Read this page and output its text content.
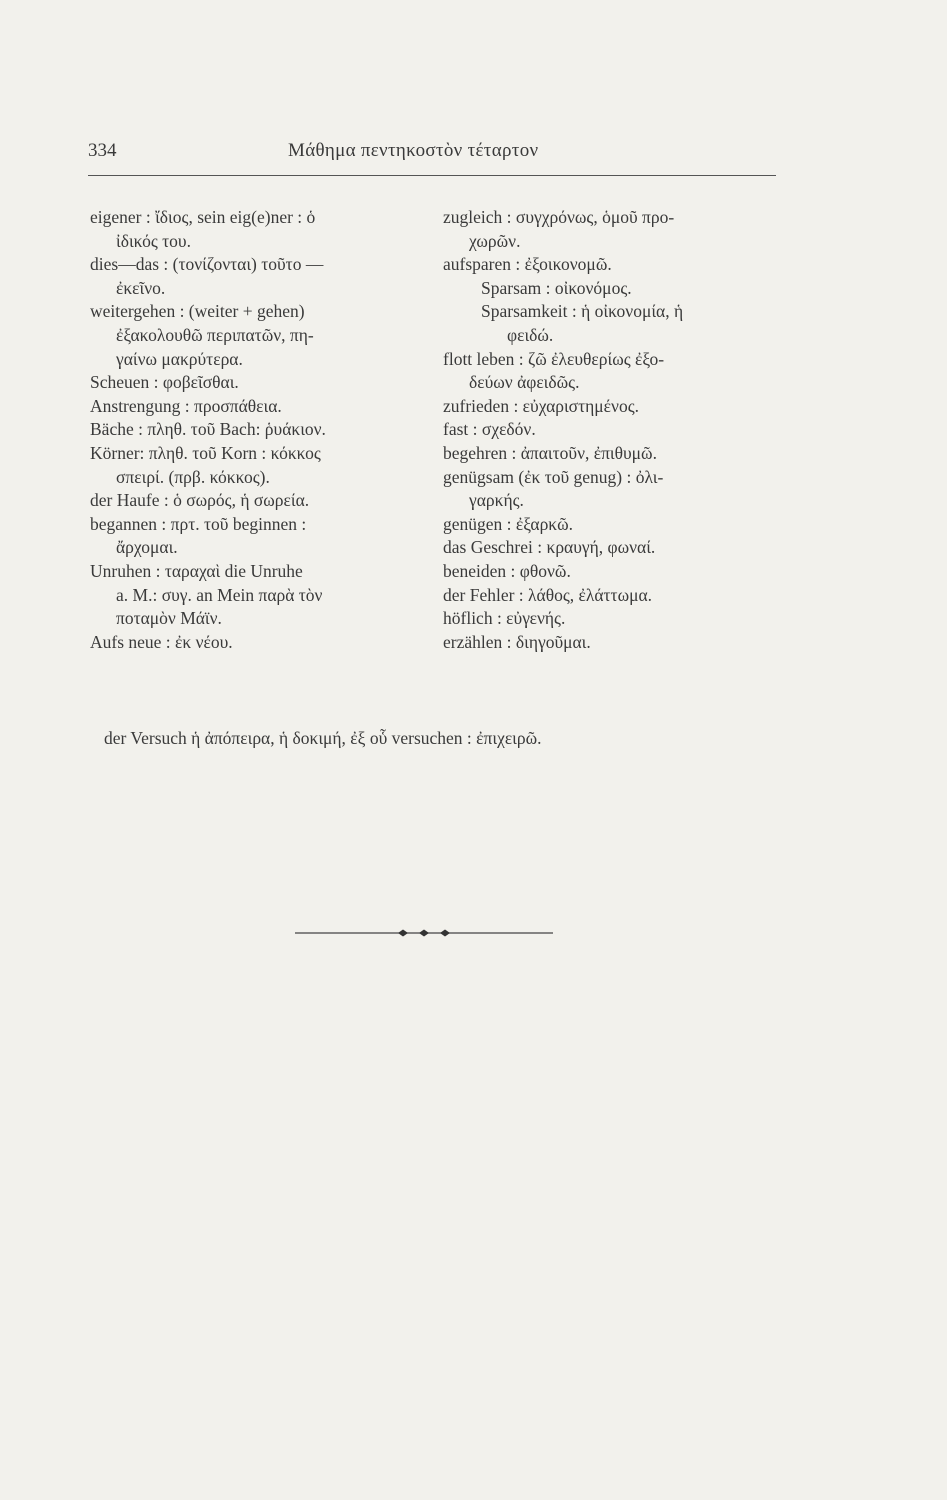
334	Μάθημα πεντηκοστὸν τέταρτον
eigener : ἴδιος, sein eig(e)ner : ὁ
ἰδικός του.
dies—das : (τονίζονται) τοῦτο —
ἐκεῖνο.
weitergehen : (weiter + gehen)
ἐξακολουθῶ περιπατῶν, πη-
γαίνω μακρύτερα.
Scheuen : φοβεῖσθαι.
Anstrengung : προσπάθεια.
Bäche : πληθ. τοῦ Bach: ῥυάκιον.
Körner: πληθ. τοῦ Korn : κόκκος
σπειρί. (πρβ. κόκκος).
der Haufe : ὁ σωρός, ἡ σωρεία.
begannen : πρτ. τοῦ beginnen :
ἄρχομαι.
Unruhen : ταραχαὶ die Unruhe
a. M.: συγ. an Mein παρὰ τὸν
ποταμὸν Μάϊν.
Aufs neue : ἐκ νέου.
zugleich : συγχρόνως, ὁμοῦ προ-
χωρῶν.
aufsparen : ἐξοικονομῶ.
Sparsam : οἰκονόμος.
Sparsamkeit : ἡ οἰκονομία, ἡ
φειδώ.
flott leben : ζῶ ἐλευθερίως ἐξο-
δεύων ἀφειδῶς.
zufrieden : εὐχαριστημένος.
fast : σχεδόν.
begehren : ἀπαιτοῦν, ἐπιθυμῶ.
genügsam (ἐκ τοῦ genug) : ὀλι-
γαρκής.
genügen : ἐξαρκῶ.
das Geschrei : κραυγή, φωναί.
beneiden : φθονῶ.
der Fehler : λάθος, ἐλάττωμα.
höflich : εὐγενής.
erzählen : διηγοῦμαι.
der Versuch ἡ ἀπόπειρα, ἡ δοκιμή, ἐξ οὗ versuchen : ἐπιχειρῶ.
